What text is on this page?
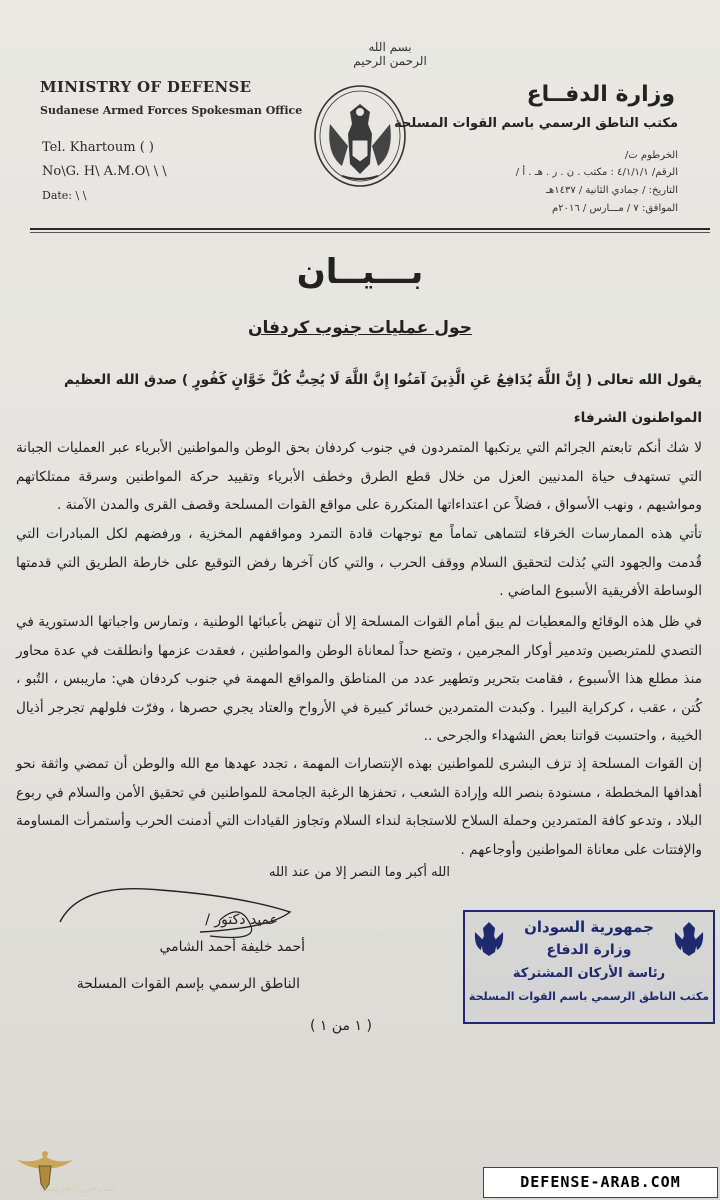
بسم الله الرحمن الرحيم
MINISTRY OF DEFENSE
Sudanese Armed Forces Spokesman Office
Tel. Khartoum ( )
No\G. H\ A.M.O\ \ \
Date: \ \
وزارة الدفــاع
مكتب الناطق الرسمي باسم القوات المسلحة
الخرطوم ت/
الرقم/ ٤/١/١/١ : مكتب . ن . ر . هـ . أ /
التاريخ: / جمادي الثانية / ١٤٣٧هـ
الموافق: ٧ / مـــارس / ٢٠١٦م
بـــيــان
حول عمليات جنوب كردفان
يقول الله تعالى ( إِنَّ اللَّهَ يُدَافِعُ عَنِ الَّذِينَ آمَنُوا إِنَّ اللَّهَ لَا يُحِبُّ كُلَّ خَوَّانٍ كَفُورٍ ) صدق الله العظيم
المواطنون الشرفاء
لا شك أنكم تابعتم الجرائم التي يرتكبها المتمردون في جنوب كردفان بحق الوطن والمواطنين الأبرياء عبر العمليات الجبانة التي تستهدف حياة المدنيين العزل من خلال قطع الطرق وخطف الأبرياء وتقييد حركة المواطنين وسرقة ممتلكاتهم ومواشيهم ، ونهب الأسواق ، فضلاً عن اعتداءاتها المتكررة على مواقع القوات المسلحة وقصف القرى والمدن الآمنة .
تأتي هذه الممارسات الخرقاء لتتماهى تماماً مع توجهات قادة التمرد ومواقفهم المخزية ، ورفضهم لكل المبادرات التي قُدمت والجهود التي بُذلت لتحقيق السلام ووقف الحرب ، والتي كان آخرها رفض التوقيع على خارطة الطريق التي قدمتها الوساطة الأفريقية الأسبوع الماضي .
في ظل هذه الوقائع والمعطيات لم يبق أمام القوات المسلحة إلا أن تنهض بأعبائها الوطنية ، وتمارس واجباتها الدستورية في التصدي للمتربصين وتدمير أوكار المجرمين ، وتضع حداً لمعاناة الوطن والمواطنين ، فعقدت عزمها وانطلقت في عدة محاور منذ مطلع هذا الأسبوع ، فقامت بتحرير وتطهير عدد من المناطق والمواقع المهمة في جنوب كردفان هي: ماريبس ، التُبو ، كُتن ، عقب ، كركراية البيرا . وكبدت المتمردين خسائر كبيرة في الأرواح والعتاد يجري حصرها ، وفرّت فلولهم تجرجر أذيال الخيبة ، واحتسبت قواتنا بعض الشهداء والجرحى ..
إن القوات المسلحة إذ تزف البشرى للمواطنين بهذه الإنتصارات المهمة ، تجدد عهدها مع الله والوطن أن تمضي واثقة نحو أهدافها المخططة ، مسنودة بنصر الله وإرادة الشعب ، تحفزها الرغبة الجامحة للمواطنين في تحقيق الأمن والسلام في ربوع البلاد ، وتدعو كافة المتمردين وحملة السلاح للاستجابة لنداء السلام وتجاوز القيادات التي أدمنت الحرب وأستمرأت المساومة والإفتتات على معاناة المواطنين وأوجاعهم .
الله أكبر وما النصر إلا من عند الله
عميد دكتور /
أحمد خليفة أحمد الشامي
الناطق الرسمي بإسم القوات المسلحة
جمهورية السودان
وزارة الدفاع
رئاسة الأركان المشتركة
مكتب الناطق الرسمي باسم القوات المسلحة
( ١ من ١ )
المنتدى العربي للدفاع والتسليح	DEFENSE-ARAB.COM
